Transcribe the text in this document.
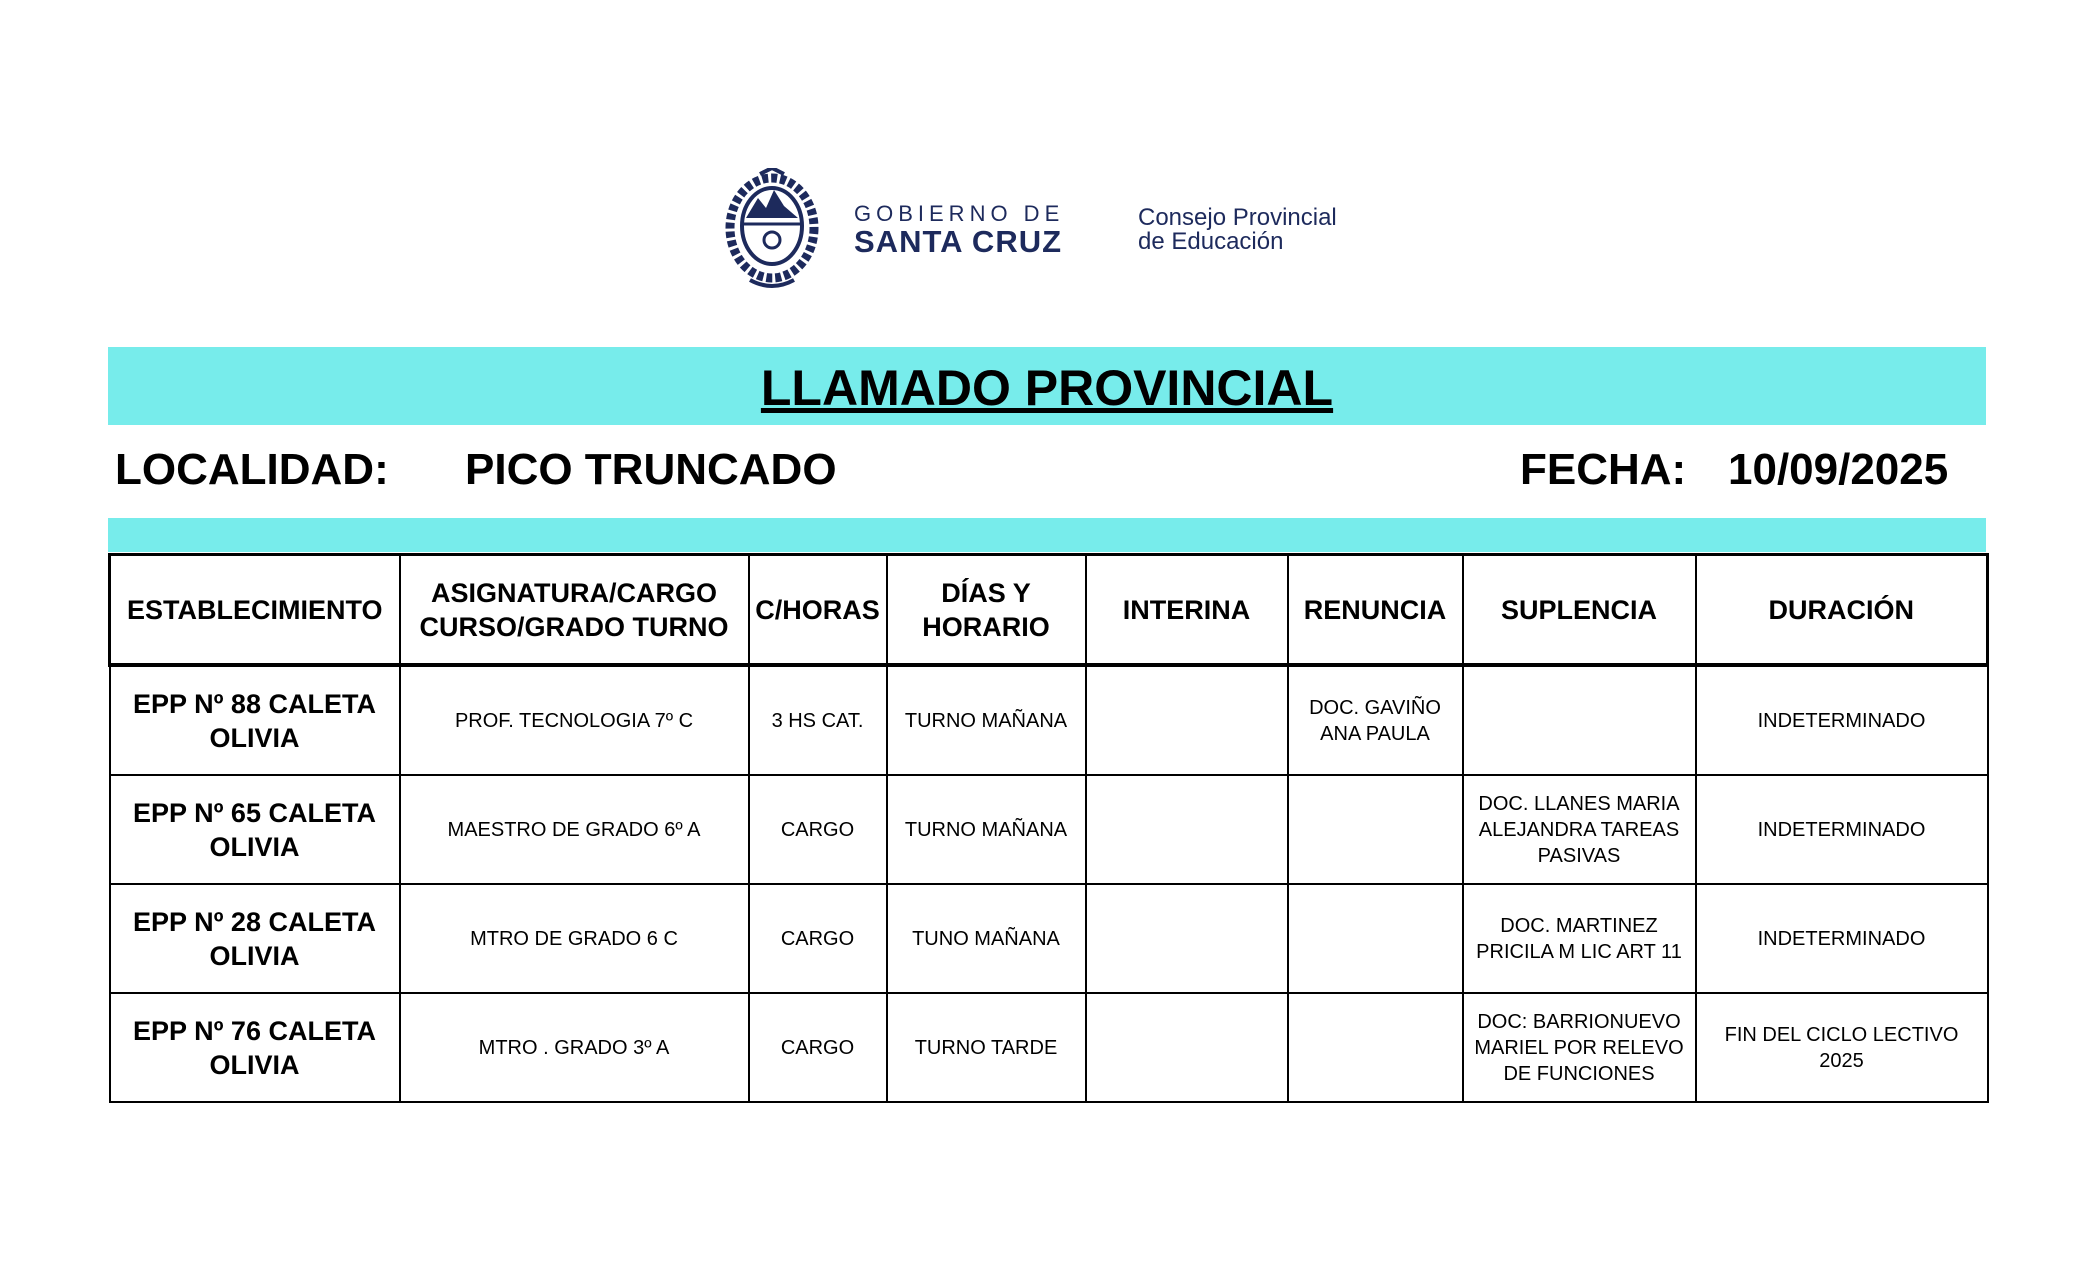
GOBIERNO DE
SANTA CRUZ
Consejo Provincial
de Educación
LLAMADO PROVINCIAL
LOCALIDAD: PICO TRUNCADO	FECHA: 10/09/2025
ESTABLECIMIENTO	ASIGNATURA/CARGO CURSO/GRADO TURNO	C/HORAS	DÍAS Y HORARIO	INTERINA	RENUNCIA	SUPLENCIA	DURACIÓN
EPP Nº 88 CALETA OLIVIA	PROF. TECNOLOGIA 7º C	3 HS CAT.	TURNO MAÑANA		DOC. GAVIÑO ANA PAULA		INDETERMINADO
EPP Nº 65 CALETA OLIVIA	MAESTRO DE GRADO 6º A	CARGO	TURNO MAÑANA			DOC. LLANES MARIA ALEJANDRA TAREAS PASIVAS	INDETERMINADO
EPP Nº 28 CALETA OLIVIA	MTRO DE GRADO 6 C	CARGO	TUNO MAÑANA			DOC. MARTINEZ PRICILA M LIC ART 11	INDETERMINADO
EPP Nº 76 CALETA OLIVIA	MTRO . GRADO 3º A	CARGO	TURNO TARDE			DOC: BARRIONUEVO MARIEL POR RELEVO DE FUNCIONES	FIN DEL CICLO LECTIVO 2025
